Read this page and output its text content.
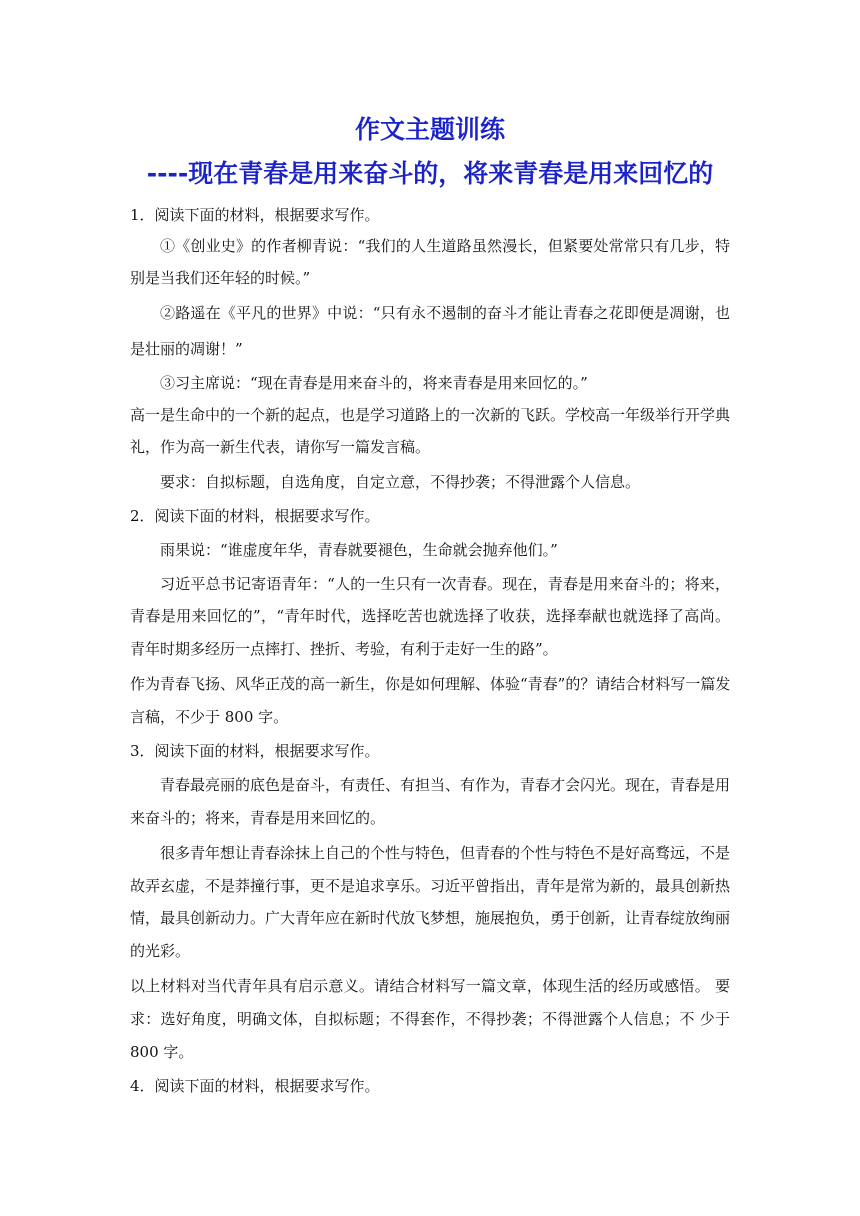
作文主题训练
----现在青春是用来奋斗的，将来青春是用来回忆的
1．阅读下面的材料，根据要求写作。
①《创业史》的作者柳青说：“我们的人生道路虽然漫长，但紧要处常常只有几步，特
别是当我们还年轻的时候。”
②路遥在《平凡的世界》中说：“只有永不遏制的奋斗才能让青春之花即便是凋谢，也
是壮丽的凋谢！”
③习主席说：“现在青春是用来奋斗的，将来青春是用来回忆的。”
高一是生命中的一个新的起点，也是学习道路上的一次新的飞跃。学校高一年级举行开学典
礼，作为高一新生代表，请你写一篇发言稿。
要求：自拟标题，自选角度，自定立意，不得抄袭；不得泄露个人信息。
2．阅读下面的材料，根据要求写作。
雨果说：“谁虚度年华，青春就要褪色，生命就会抛弃他们。”
习近平总书记寄语青年：“人的一生只有一次青春。现在，青春是用来奋斗的；将来，
青春是用来回忆的”，“青年时代，选择吃苦也就选择了收获，选择奉献也就选择了高尚。
青年时期多经历一点摔打、挫折、考验，有利于走好一生的路”。
作为青春飞扬、风华正茂的高一新生，你是如何理解、体验“青春”的？请结合材料写一篇发
言稿，不少于 800 字。
3．阅读下面的材料，根据要求写作。
青春最亮丽的底色是奋斗，有责任、有担当、有作为，青春才会闪光。现在，青春是用
来奋斗的；将来，青春是用来回忆的。
很多青年想让青春涂抹上自己的个性与特色，但青春的个性与特色不是好高骛远，不是
故弄玄虚，不是莽撞行事，更不是追求享乐。习近平曾指出，青年是常为新的，最具创新热
情，最具创新动力。广大青年应在新时代放飞梦想，施展抱负，勇于创新，让青春绽放绚丽
的光彩。
以上材料对当代青年具有启示意义。请结合材料写一篇文章，体现生活的经历或感悟。 要
求：选好角度，明确文体，自拟标题；不得套作，不得抄袭；不得泄露个人信息；不 少于
800 字。
4．阅读下面的材料，根据要求写作。
